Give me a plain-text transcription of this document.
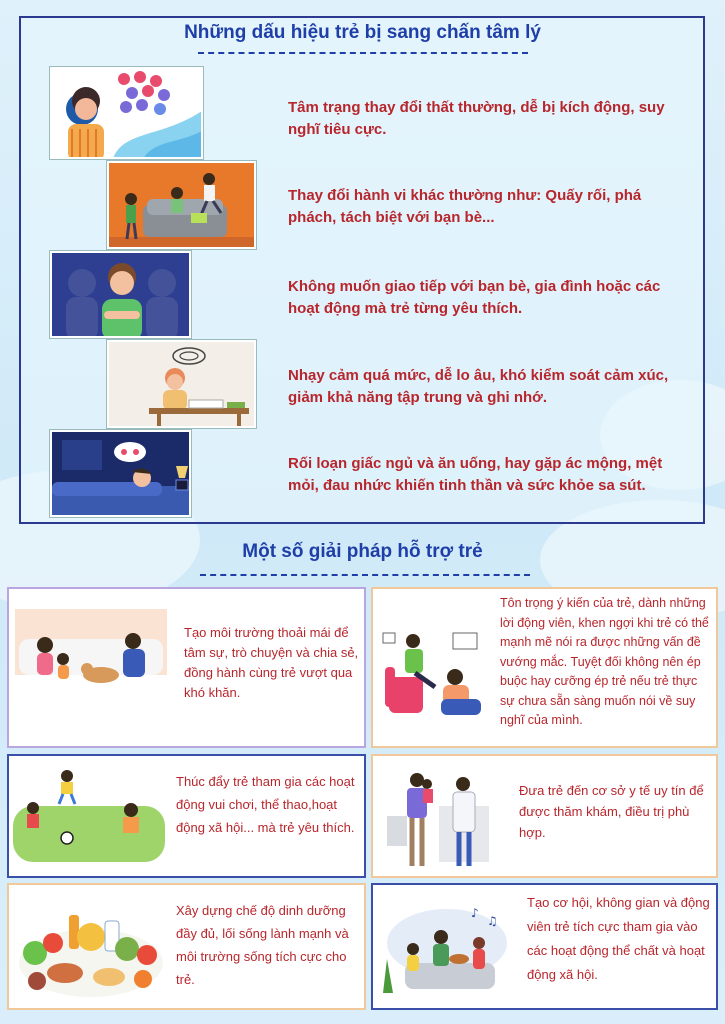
Những dấu hiệu trẻ bị sang chấn tâm lý
Tâm trạng thay đổi thất thường, dễ bị kích động, suy nghĩ tiêu cực.
Thay đổi hành vi khác thường như: Quấy rối, phá phách, tách biệt với bạn bè...
Không muốn giao tiếp với bạn bè, gia đình hoặc các hoạt động mà trẻ từng yêu thích.
Nhạy cảm quá mức, dễ lo âu, khó kiểm soát cảm xúc, giảm khả năng tập trung và ghi nhớ.
Rối loạn giấc ngủ và ăn uống, hay gặp ác mộng, mệt mỏi, đau nhức khiến tinh thần và sức khỏe sa sút.
Một số giải pháp hỗ trợ trẻ
Tạo môi trường thoải mái để tâm sự, trò chuyện và chia sẻ, đồng hành cùng trẻ vượt qua khó khăn.
Tôn trọng ý kiến của trẻ, dành những lời động viên, khen ngợi khi trẻ có thể mạnh mẽ nói ra được những vấn đề vướng mắc. Tuyệt đối không nên ép buộc hay cưỡng ép trẻ nếu trẻ thực sự chưa sẵn sàng muốn nói về suy nghĩ của mình.
Thúc đẩy trẻ tham gia các hoạt động vui chơi, thể thao,hoạt động xã hội... mà trẻ yêu thích.
Đưa trẻ đến cơ sở y tế uy tín để được thăm khám, điều trị phù hợp.
Xây dựng chế độ dinh dưỡng đầy đủ, lối sống lành mạnh và môi trường sống tích cực cho trẻ.
♪
♫
Tạo cơ hội, không gian và động viên trẻ tích cực tham gia vào các hoạt động thể chất và hoạt động xã hội.
